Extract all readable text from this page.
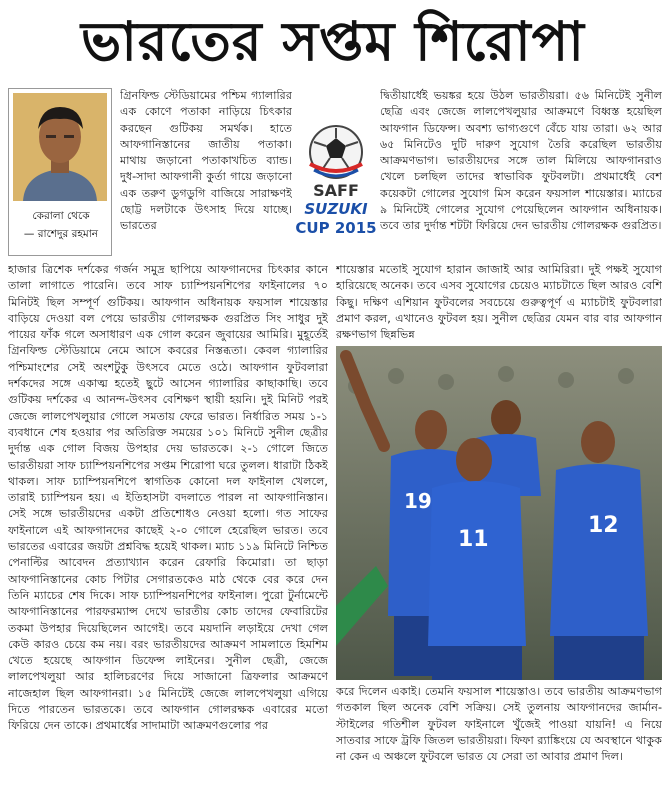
ভারতের সপ্তম শিরোপা
কেরালা থেকে
— রাশেদুর রহমান

গ্রিনফিল্ড স্টেডিয়ামের পশ্চিম গ্যালারির এক কোণে পতাকা নাড়িয়ে চিৎকার করছেন গুটিকয় সমর্থক। হাতে আফগানিস্তানের জাতীয় পতাকা। মাথায় জড়ানো পতাকাখচিত ব্যান্ড। দুধ-সাদা আফগানী কুর্তা গায়ে জড়ানো এক তরুণ ডুগডুগি বাজিয়ে সারাক্ষণই ছোট্ট দলটাকে উৎসাহ দিয়ে যাচ্ছে। ভারতের

SAFF
SUZUKI
CUP 2015

দ্বিতীয়ার্ধেই ভয়ঙ্কর হয়ে উঠল ভারতীয়রা। ৫৬ মিনিটেই সুনীল ছেত্রি এবং জেজে লালপেখলুয়ার আক্রমণে বিধ্বস্ত হয়েছিল আফগান ডিফেন্স। অবশ্য ভাগ্যগুণে বেঁচে যায় তারা। ৬২ আর ৬৫ মিনিটেও দুটি দারুণ সুযোগ তৈরি করেছিল ভারতীয় আক্রমণভাগ। ভারতীয়দের সঙ্গে তাল মিলিয়ে আফগানরাও খেলে চলছিল তাদের স্বাভাবিক ফুটবলটা। প্রথমার্ধেই বেশ কয়েকটা গোলের সুযোগ মিস করেন ফয়সাল শায়েস্তার। ম্যাচের ৯ মিনিটেই গোলের সুযোগ পেয়েছিলেন আফগান অধিনায়ক। তবে তার দুর্দান্ত শটটা ফিরিয়ে দেন ভারতীয় গোলরক্ষক গুরপ্রিত।

হাজার ত্রিশেক দর্শকের গর্জন সমুদ্র ছাপিয়ে আফগানদের চিৎকার কানে তালা লাগাতে পারেনি। তবে সাফ চ্যাম্পিয়নশিপের ফাইনালের ৭০ মিনিটই ছিল সম্পূর্ণ গুটিকয়। আফগান অধিনায়ক ফয়সাল শায়েস্তার বাড়িয়ে দেওয়া বল পেয়ে ভারতীয় গোলরক্ষক গুরপ্রিত সিং সাধুর দুই পায়ের ফাঁক গলে অসাধারণ এক গোল করেন জুবায়ের আমিরি। মুহূর্তেই গ্রিনফিল্ড স্টেডিয়ামে নেমে আসে কবরের নিস্তব্ধতা। কেবল গ্যালারির পশ্চিমাংশের সেই অংশটুকু উৎসবে মেতে ওঠে। আফগান ফুটবলারা দর্শকদের সঙ্গে একাত্ম হতেই ছুটে আসেন গ্যালারির কাছাকাছি। তবে গুটিকয় দর্শকের এ আনন্দ-উৎসব বেশিক্ষণ স্থায়ী হয়নি। দুই মিনিট পরই জেজে লালপেখলুয়ার গোলে সমতায় ফেরে ভারত। নির্ধারিত সময় ১-১ ব্যবধানে শেষ হওয়ার পর অতিরিক্ত সময়ের ১০১ মিনিটে সুনীল ছেত্রীর দুর্দান্ত এক গোল বিজয় উপহার দেয় ভারতকে। ২-১ গোলে জিতে ভারতীয়রা সাফ চ্যাম্পিয়নশিপের সপ্তম শিরোপা ঘরে তুলল। ধারাটা ঠিকই থাকল। সাফ চ্যাম্পিয়নশিপে স্বাগতিক কোনো দল ফাইনাল খেললে, তারাই চ্যাম্পিয়ন হয়। এ ইতিহাসটা বদলাতে পারল না আফগানিস্তান। সেই সঙ্গে ভারতীয়দের একটা প্রতিশোধও নেওয়া হলো। গত সাফের ফাইনালে এই আফগানদের কাছেই ২-০ গোলে হেরেছিল ভারত। তবে ভারতের এবারের জয়টা প্রশ্নবিদ্ধ হয়েই থাকল। ম্যাচ ১১৯ মিনিটে নিশ্চিত পেনাল্টির আবেদন প্রত্যাখ্যান করেন রেফারি কিমোরা। তা ছাড়া আফগানিস্তানের কোচ পিটার সেগারতকেও মাঠ থেকে বের করে দেন তিনি ম্যাচের শেষ দিকে। সাফ চ্যাম্পিয়নশিপের ফাইনাল। পুরো টুর্নামেন্টে আফগানিস্তানের পারফরম্যান্স দেখে ভারতীয় কোচ তাদের ফেবারিটের তকমা উপহার দিয়েছিলেন আগেই। তবে ময়দানি লড়াইয়ে দেখা গেল কেউ কারও চেয়ে কম নয়। বরং ভারতীয়দের আক্রমণ সামলাতে হিমশিম খেতে হয়েছে আফগান ডিফেন্স লাইনের। সুনীল ছেত্রী, জেজে লালপেখলুয়া আর হালিচরণের দিয়ে সাজানো ত্রিফলার আক্রমণে নাজেহাল ছিল আফগানরা। ১৫ মিনিটেই জেজে লালপেখলুয়া এগিয়ে দিতে পারতেন ভারতকে। তবে আফগান গোলরক্ষক এবারের মতো ফিরিয়ে দেন তাকে। প্রথমার্ধের সাদামাটা আক্রমণগুলোর পর

শায়েস্তার মতোই সুযোগ হারান জাজাই আর আমিরিরা। দুই পক্ষই সুযোগ হারিয়েছে অনেক। তবে এসব সুযোগের চেয়েও ম্যাচটাতে ছিল আরও বেশি কিছু। দক্ষিণ এশিয়ান ফুটবলের সবচেয়ে গুরুত্বপূর্ণ এ ম্যাচটাই ফুটবলারা প্রমাণ করল, এখানেও ফুটবল হয়। সুনীল ছেত্রির যেমন বার বার আফগান রক্ষণভাগ ছিন্নভিন্ন

19
11
12

করে দিলেন একাই। তেমনি ফয়সাল শায়েস্তাও। তবে ভারতীয় আক্রমণভাগ গতকাল ছিল অনেক বেশি সক্রিয়। সেই তুলনায় আফগানদের জার্মান-স্টাইলের গতিশীল ফুটবল ফাইনালে খুঁজেই পাওয়া যায়নি! এ নিয়ে সাতবার সাফে ট্রফি জিতল ভারতীয়রা। ফিফা র‍্যাঙ্কিংয়ে যে অবস্থানে থাকুক না কেন এ অঞ্চলে ফুটবলে ভারত যে সেরা তা আবার প্রমাণ দিল।
